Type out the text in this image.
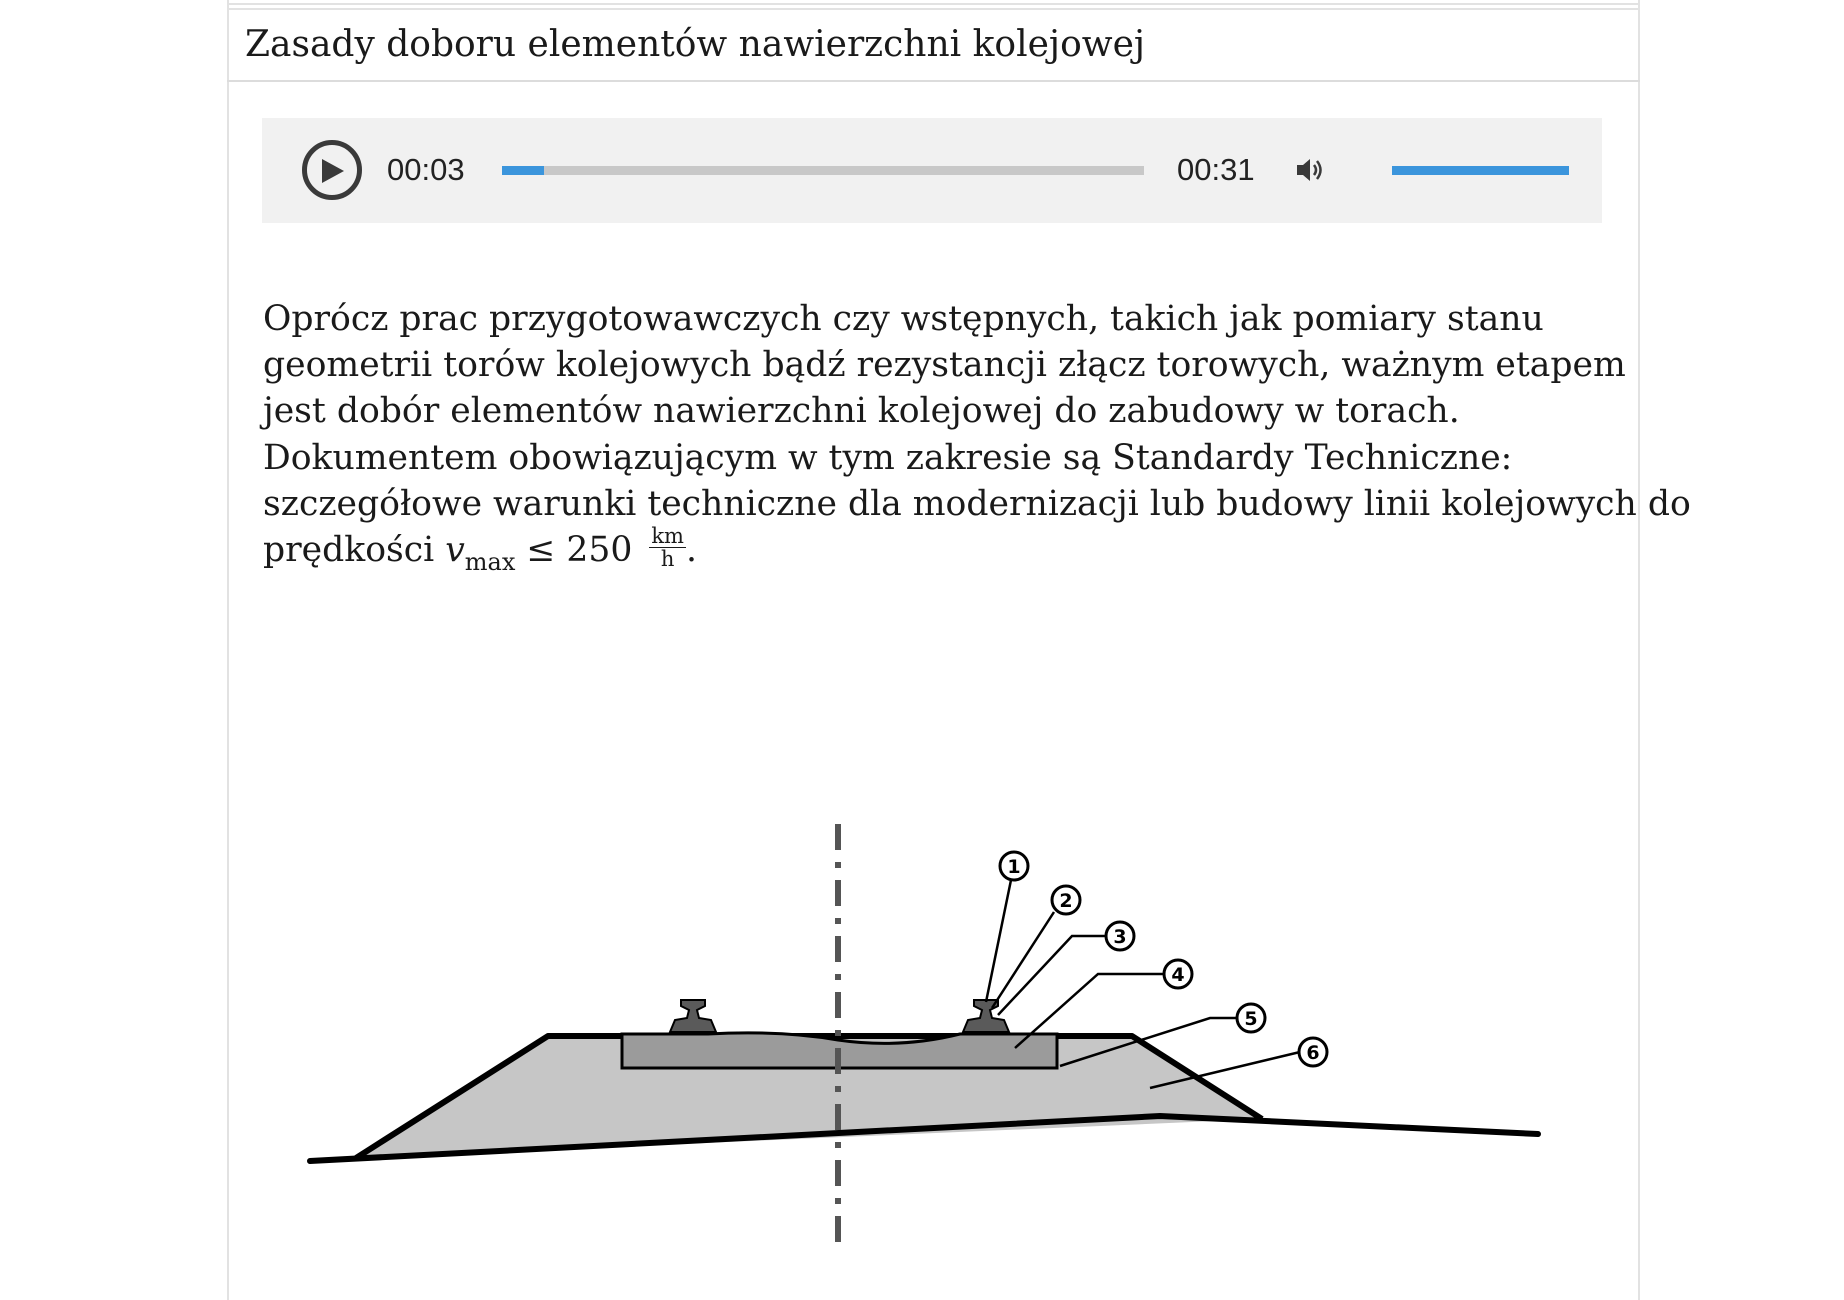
Zasady doboru elementów nawierzchni kolejowej
00:03	00:31

Oprócz prac przygotowawczych czy wstępnych, takich jak pomiary stanu

geometrii torów kolejowych bądź rezystancji złącz torowych, ważnym etapem

jest dobór elementów nawierzchni kolejowej do zabudowy w torach.

Dokumentem obowiązującym w tym zakresie są Standardy Techniczne:

szczegółowe warunki techniczne dla modernizacji lub budowy linii kolejowych do

prędkości $v_{max} \le 250 \frac{km}{h}$ .

1
2
3
4
5
6
